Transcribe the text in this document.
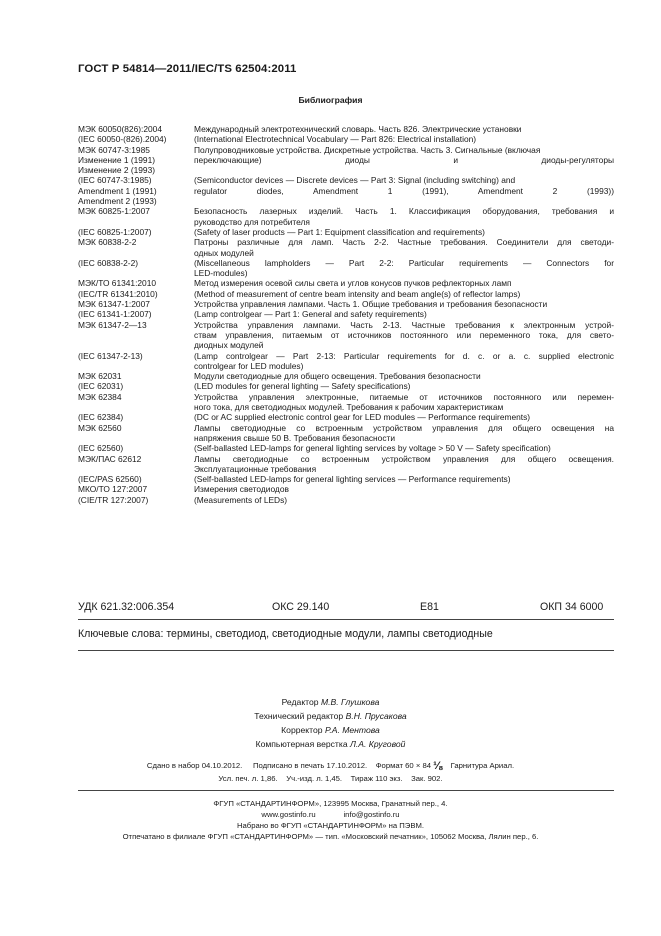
ГОСТ Р 54814—2011/IEC/TS 62504:2011
Библиография
МЭК 60050(826):2004	Международный электротехнический словарь. Часть 826. Электрические установки
(IEC 60050-(826).2004)	(International Electrotechnical Vocabulary — Part 826: Electrical installation)
МЭК 60747-3:1985	Полупроводниковые устройства. Дискретные устройства. Часть 3. Сигнальные (включая
Изменение 1 (1991)	переключающие) диоды и диоды-регуляторы
Изменение 2 (1993)
(IEC 60747-3:1985)	(Semiconductor devices — Discrete devices — Part 3: Signal (including switching) and
Amendment 1 (1991)	regulator diodes, Amendment 1 (1991), Amendment 2 (1993))
Amendment 2 (1993)
МЭК 60825-1:2007	Безопасность лазерных изделий. Часть 1. Классификация оборудования, требования и
руководство для потребителя
(IEC 60825-1:2007)	(Safety of laser products — Part 1: Equipment classification and requirements)
МЭК 60838-2-2	Патроны различные для ламп. Часть 2-2. Частные требования. Соединители для светоди-
одных модулей
(IEC 60838-2-2)	(Miscellaneous lampholders — Part 2-2: Particular requirements — Connectors for
LED-modules)
МЭК/ТО 61341:2010	Метод измерения осевой силы света и углов конусов пучков рефлекторных ламп
(IEC/TR 61341:2010)	(Method of measurement of centre beam intensity and beam angle(s) of reflector lamps)
МЭК 61347-1:2007	Устройства управления лампами. Часть 1. Общие требования и требования безопасности
(IEC 61341-1:2007)	(Lamp controlgear — Part 1: General and safety requirements)
МЭК 61347-2—13	Устройства управления лампами. Часть 2-13. Частные требования к электронным устрой-
ствам управления, питаемым от источников постоянного или переменного тока, для свето-
диодных модулей
(IEC 61347-2-13)	(Lamp controlgear — Part 2-13: Particular requirements for d. c. or a. c. supplied electronic
controlgear for LED modules)
МЭК 62031	Модули светодиодные для общего освещения. Требования безопасности
(IEC 62031)	(LED modules for general lighting — Safety specifications)
МЭК 62384	Устройства управления электронные, питаемые от источников постоянного или перемен-
ного тока, для светодиодных модулей. Требования к рабочим характеристикам
(IEC 62384)	(DC or AC supplied electronic control gear for LED modules — Performance requirements)
МЭК 62560	Лампы светодиодные со встроенным устройством управления для общего освещения на
напряжения свыше 50 В. Требования безопасности
(IEC 62560)	(Self-ballasted LED-lamps for general lighting services by voltage > 50 V — Safety specification)
МЭК/ПАС 62612	Лампы светодиодные со встроенным устройством управления для общего освещения.
Эксплуатационные требования
(IEC/PAS 62560)	(Self-ballasted LED-lamps for general lighting services — Performance requirements)
МКО/ТО 127:2007	Измерения светодиодов
(CIE/TR 127:2007)	(Measurements of LEDs)
УДК 621.32:006.354	ОКС 29.140	Е81	ОКП 34 6000
Ключевые слова: термины, светодиод, светодиодные модули, лампы светодиодные
Редактор М.В. Глушкова
Технический редактор В.Н. Прусакова
Корректор Р.А. Ментова
Компьютерная верстка Л.А. Круговой
Сдано в набор 04.10.2012. Подписано в печать 17.10.2012. Формат 60 × 84 ⅛ Гарнитура Ариал.
Усл. печ. л. 1,86. Уч.-изд. л. 1,45. Тираж 110 экз. Зак. 902.
ФГУП «СТАНДАРТИНФОРМ», 123995 Москва, Гранатный пер., 4.
www.gostinfo.ru	info@gostinfo.ru
Набрано во ФГУП «СТАНДАРТИНФОРМ» на ПЭВМ.
Отпечатано в филиале ФГУП «СТАНДАРТИНФОРМ» — тип. «Московский печатник», 105062 Москва, Лялин пер., 6.
